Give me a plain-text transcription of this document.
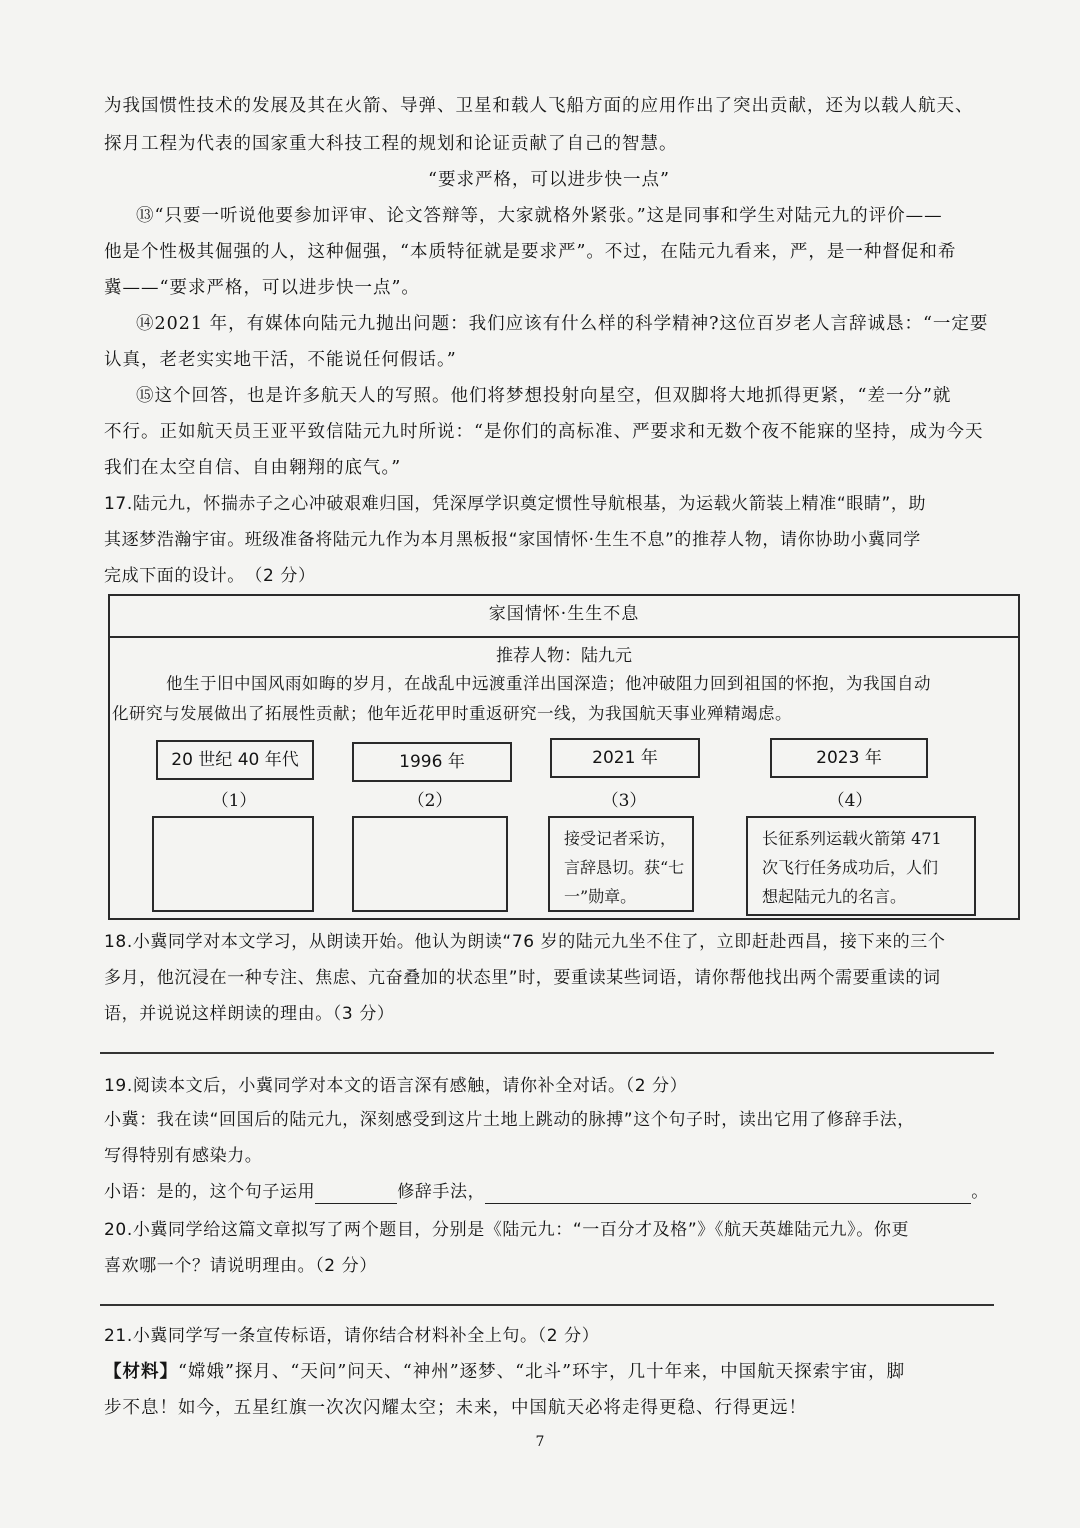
为我国惯性技术的发展及其在火箭、导弹、卫星和载人飞船方面的应用作出了突出贡献，还为以载人航天、
探月工程为代表的国家重大科技工程的规划和论证贡献了自己的智慧。
“要求严格，可以进步快一点”
⑬“只要一听说他要参加评审、论文答辩等，大家就格外紧张。”这是同事和学生对陆元九的评价——
他是个性极其倔强的人，这种倔强，“本质特征就是要求严”。不过，在陆元九看来，严，是一种督促和希
冀——“要求严格，可以进步快一点”。
⑭2021 年，有媒体向陆元九抛出问题：我们应该有什么样的科学精神?这位百岁老人言辞诚恳：“一定要
认真，老老实实地干活，不能说任何假话。”
⑮这个回答，也是许多航天人的写照。他们将梦想投射向星空，但双脚将大地抓得更紧，“差一分”就
不行。正如航天员王亚平致信陆元九时所说：“是你们的高标准、严要求和无数个夜不能寐的坚持，成为今天
我们在太空自信、自由翱翔的底气。”
17.陆元九，怀揣赤子之心冲破艰难归国，凭深厚学识奠定惯性导航根基，为运载火箭装上精准“眼睛”，助
其逐梦浩瀚宇宙。班级准备将陆元九作为本月黑板报“家国情怀·生生不息”的推荐人物，请你协助小冀同学
完成下面的设计。　（2 分）
家国情怀·生生不息
推荐人物：陆九元
他生于旧中国风雨如晦的岁月，在战乱中远渡重洋出国深造；他冲破阻力回到祖国的怀抱，为我国自动
化研究与发展做出了拓展性贡献；他年近花甲时重返研究一线，为我国航天事业殚精竭虑。
20 世纪 40 年代	1996 年	2021 年	2023 年
（1）	（2）	（3）	（4）
接受记者采访，
言辞恳切。获“七
一”勋章。
长征系列运载火箭第 471
次飞行任务成功后，人们
想起陆元九的名言。
18.小冀同学对本文学习，从朗读开始。他认为朗读“76 岁的陆元九坐不住了，立即赶赴西昌，接下来的三个
多月，他沉浸在一种专注、焦虑、亢奋叠加的状态里”时，要重读某些词语，请你帮他找出两个需要重读的词
语，并说说这样朗读的理由。（3 分）
19.阅读本文后，小冀同学对本文的语言深有感触，请你补全对话。（2 分）
小冀：我在读“回国后的陆元九，深刻感受到这片土地上跳动的脉搏”这个句子时，读出它用了修辞手法，
写得特别有感染力。
小语：是的，这个句子运用	修辞手法，	。
20.小冀同学给这篇文章拟写了两个题目，分别是《陆元九：“一百分才及格”》《航天英雄陆元九》。你更
喜欢哪一个？请说明理由。（2 分）
21.小冀同学写一条宣传标语，请你结合材料补全上句。（2 分）
【材料】“嫦娥”探月、“天问”问天、“神州”逐梦、“北斗”环宇，几十年来，中国航天探索宇宙，脚
步不息！如今，五星红旗一次次闪耀太空；未来，中国航天必将走得更稳、行得更远！
7
